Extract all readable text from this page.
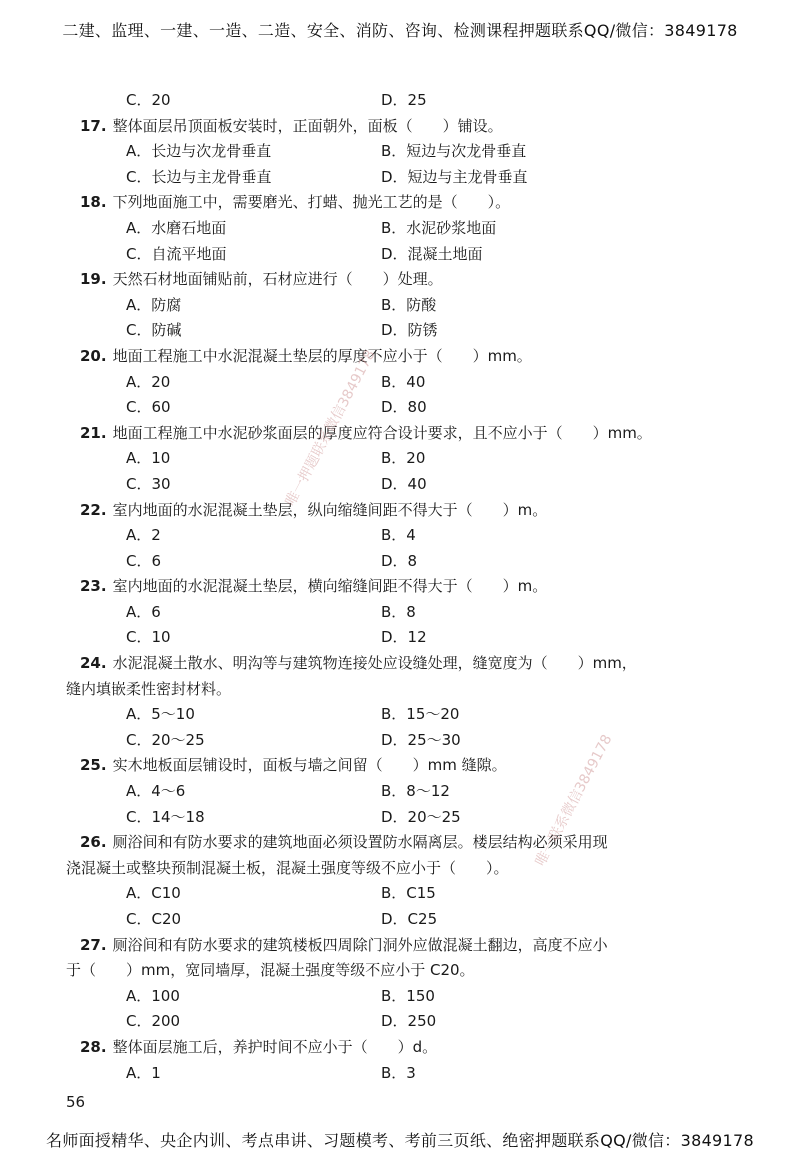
二建、监理、一建、一造、二造、安全、消防、咨询、检测课程押题联系QQ/微信：3849178
C．20	D．25
17. 整体面层吊顶面板安装时，正面朝外，面板（　　）铺设。
A．长边与次龙骨垂直	B．短边与次龙骨垂直
C．长边与主龙骨垂直	D．短边与主龙骨垂直
18. 下列地面施工中，需要磨光、打蜡、抛光工艺的是（　　）。
A．水磨石地面	B．水泥砂浆地面
C．自流平地面	D．混凝土地面
19. 天然石材地面铺贴前，石材应进行（　　）处理。
A．防腐	B．防酸
C．防碱	D．防锈
20. 地面工程施工中水泥混凝土垫层的厚度不应小于（　　）mm。
A．20	B．40
C．60	D．80
21. 地面工程施工中水泥砂浆面层的厚度应符合设计要求，且不应小于（　　）mm。
A．10	B．20
C．30	D．40
22. 室内地面的水泥混凝土垫层，纵向缩缝间距不得大于（　　）m。
A．2	B．4
C．6	D．8
23. 室内地面的水泥混凝土垫层，横向缩缝间距不得大于（　　）m。
A．6	B．8
C．10	D．12
24. 水泥混凝土散水、明沟等与建筑物连接处应设缝处理，缝宽度为（　　）mm，
缝内填嵌柔性密封材料。
A．5～10	B．15～20
C．20～25	D．25～30
25. 实木地板面层铺设时，面板与墙之间留（　　）mm 缝隙。
A．4～6	B．8～12
C．14～18	D．20～25
26. 厕浴间和有防水要求的建筑地面必须设置防水隔离层。楼层结构必须采用现
浇混凝土或整块预制混凝土板，混凝土强度等级不应小于（　　）。
A．C10	B．C15
C．C20	D．C25
27. 厕浴间和有防水要求的建筑楼板四周除门洞外应做混凝土翻边，高度不应小
于（　　）mm，宽同墙厚，混凝土强度等级不应小于 C20。
A．100	B．150
C．200	D．250
28. 整体面层施工后，养护时间不应小于（　　）d。
A．1	B．3
56
名师面授精华、央企内训、考点串讲、习题模考、考前三页纸、绝密押题联系QQ/微信：3849178
唯一押题联系微信3849178
唯一联系微信3849178
